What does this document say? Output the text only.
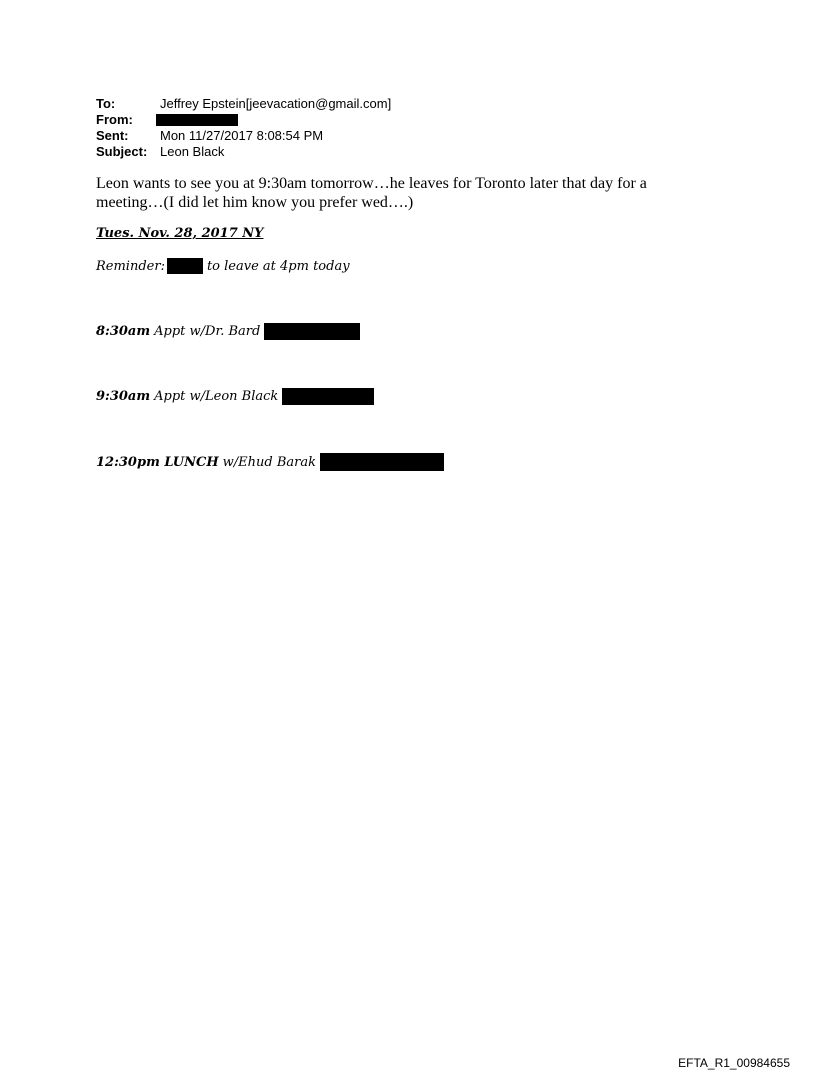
To:	Jeffrey Epstein[jeevacation@gmail.com]
From:
Sent:	Mon 11/27/2017 8:08:54 PM
Subject: Leon Black
Leon wants to see you at 9:30am tomorrow…he leaves for Toronto later that day for a
meeting…(I did let him know you prefer wed….)
Tues. Nov. 28, 2017 NY
Reminder:	to leave at 4pm today
8:30am Appt w/Dr. Bard
9:30am Appt w/Leon Black
12:30pm LUNCH w/Ehud Barak
EFTA_R1_00984655
